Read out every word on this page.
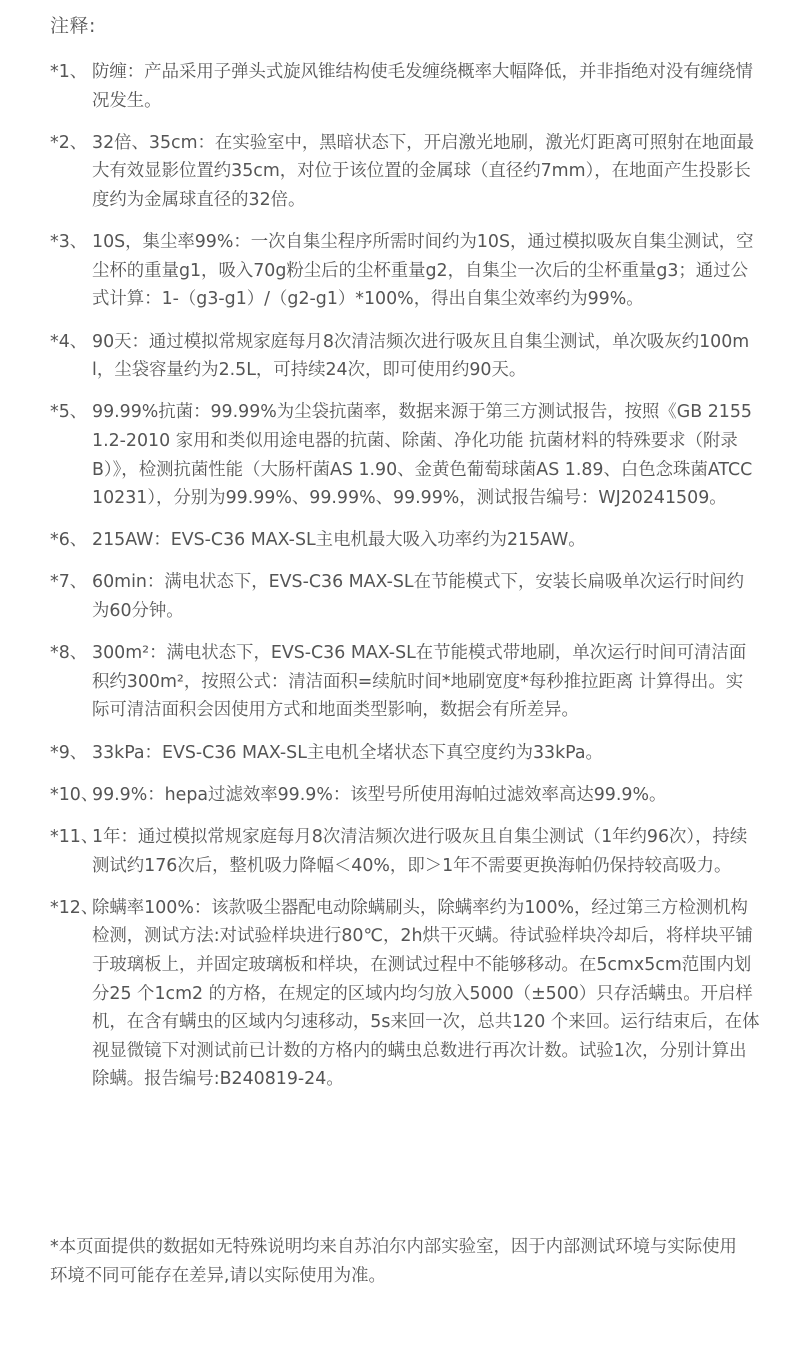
注释:
*1、 防缠：产品采用子弹头式旋风锥结构使毛发缠绕概率大幅降低，并非指绝对没有缠绕情况发生。
*2、 32倍、35cm：在实验室中，黑暗状态下，开启激光地刷，激光灯距离可照射在地面最大有效显影位置约35cm，对位于该位置的金属球（直径约7mm），在地面产生投影长度约为金属球直径的32倍。
*3、 10S，集尘率99%：一次自集尘程序所需时间约为10S，通过模拟吸灰自集尘测试，空尘杯的重量g1，吸入70g粉尘后的尘杯重量g2，自集尘一次后的尘杯重量g3；通过公式计算：1-（g3-g1）/（g2-g1）*100%，得出自集尘效率约为99%。
*4、 90天：通过模拟常规家庭每月8次清洁频次进行吸灰且自集尘测试，单次吸灰约100ml，尘袋容量约为2.5L，可持续24次，即可使用约90天。
*5、 99.99%抗菌：99.99%为尘袋抗菌率，数据来源于第三方测试报告，按照《GB 21551.2-2010 家用和类似用途电器的抗菌、除菌、净化功能 抗菌材料的特殊要求（附录B）》，检测抗菌性能（大肠杆菌AS 1.90、金黄色葡萄球菌AS 1.89、白色念珠菌ATCC 10231），分别为99.99%、99.99%、99.99%，测试报告编号：WJ20241509。
*6、 215AW：EVS-C36 MAX-SL主电机最大吸入功率约为215AW。
*7、 60min：满电状态下，EVS-C36 MAX-SL在节能模式下，安装长扁吸单次运行时间约为60分钟。
*8、 300m²：满电状态下，EVS-C36 MAX-SL在节能模式带地刷，单次运行时间可清洁面积约300m²，按照公式：清洁面积=续航时间*地刷宽度*每秒推拉距离 计算得出。实际可清洁面积会因使用方式和地面类型影响，数据会有所差异。
*9、 33kPa：EVS-C36 MAX-SL主电机全堵状态下真空度约为33kPa。
*10、
99.9%：hepa过滤效率99.9%：该型号所使用海帕过滤效率高达99.9%。
*11、
1年：通过模拟常规家庭每月8次清洁频次进行吸灰且自集尘测试（1年约96次），持续测试约176次后，整机吸力降幅＜40%，即＞1年不需要更换海帕仍保持较高吸力。
*12、
除螨率100%：该款吸尘器配电动除螨刷头，除螨率约为100%，经过第三方检测机构检测，测试方法:对试验样块进行80℃，2h烘干灭螨。待试验样块冷却后，将样块平铺于玻璃板上，并固定玻璃板和样块，在测试过程中不能够移动。在5cmx5cm范围内划分25 个1cm2 的方格，在规定的区域内均匀放入5000（±500）只存活螨虫。开启样机，在含有螨虫的区域内匀速移动，5s来回一次，总共120 个来回。运行结束后，在体视显微镜下对测试前已计数的方格内的螨虫总数进行再次计数。试验1次，分别计算出除螨。报告编号:B240819-24。
*本页面提供的数据如无特殊说明均来自苏泊尔内部实验室，因于内部测试环境与实际使用环境不同可能存在差异,请以实际使用为准。
